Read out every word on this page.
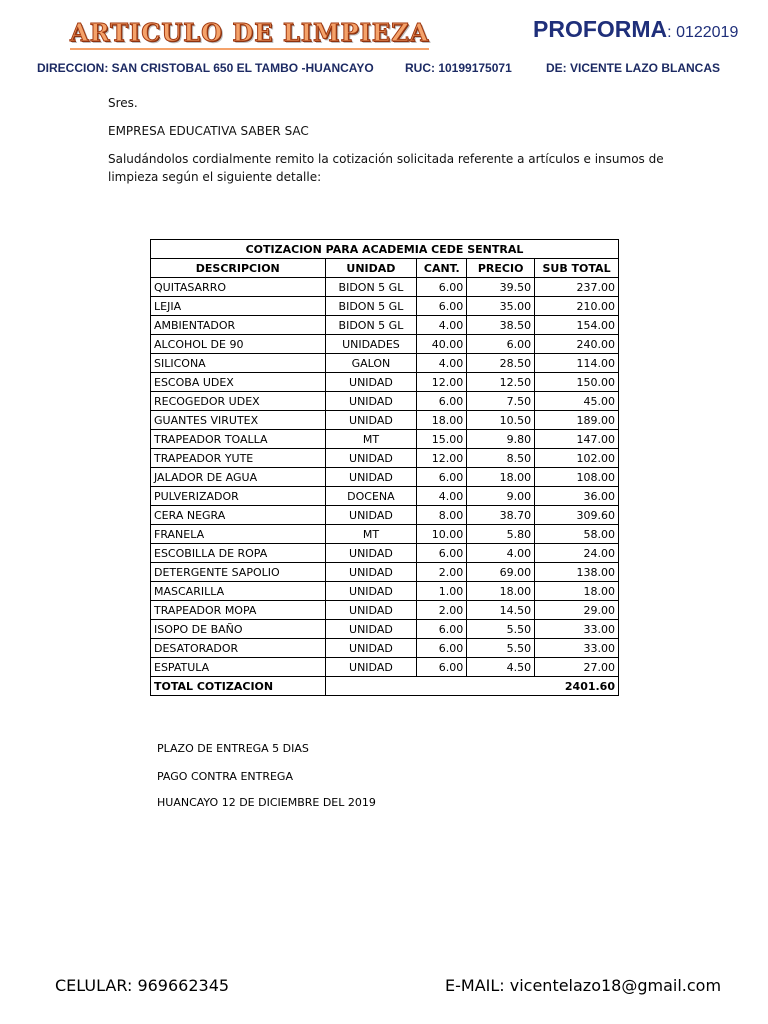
ARTICULO DE LIMPIEZA	PROFORMA: 0122019
DIRECCION: SAN CRISTOBAL 650 EL TAMBO -HUANCAYO	RUC: 10199175071	DE: VICENTE LAZO BLANCAS
Sres.
EMPRESA EDUCATIVA SABER SAC
Saludándolos cordialmente remito la cotización solicitada referente a artículos e insumos de limpieza según el siguiente detalle:
COTIZACION PARA ACADEMIA CEDE SENTRAL				
DESCRIPCION	UNIDAD	CANT.	PRECIO	SUB TOTAL
QUITASARRO	BIDON 5 GL	6.00	39.50	237.00
LEJIA	BIDON 5 GL	6.00	35.00	210.00
AMBIENTADOR	BIDON 5 GL	4.00	38.50	154.00
ALCOHOL DE 90	UNIDADES	40.00	6.00	240.00
SILICONA	GALON	4.00	28.50	114.00
ESCOBA UDEX	UNIDAD	12.00	12.50	150.00
RECOGEDOR UDEX	UNIDAD	6.00	7.50	45.00
GUANTES VIRUTEX	UNIDAD	18.00	10.50	189.00
TRAPEADOR TOALLA	MT	15.00	9.80	147.00
TRAPEADOR YUTE	UNIDAD	12.00	8.50	102.00
JALADOR DE AGUA	UNIDAD	6.00	18.00	108.00
PULVERIZADOR	DOCENA	4.00	9.00	36.00
CERA NEGRA	UNIDAD	8.00	38.70	309.60
FRANELA	MT	10.00	5.80	58.00
ESCOBILLA DE ROPA	UNIDAD	6.00	4.00	24.00
DETERGENTE SAPOLIO	UNIDAD	2.00	69.00	138.00
MASCARILLA	UNIDAD	1.00	18.00	18.00
TRAPEADOR MOPA	UNIDAD	2.00	14.50	29.00
ISOPO DE BAÑO	UNIDAD	6.00	5.50	33.00
DESATORADOR	UNIDAD	6.00	5.50	33.00
ESPATULA	UNIDAD	6.00	4.50	27.00
TOTAL COTIZACION	2401.60			
PLAZO DE ENTREGA 5 DIAS
PAGO CONTRA ENTREGA
HUANCAYO 12 DE DICIEMBRE DEL 2019
CELULAR: 969662345	E-MAIL: vicentelazo18@gmail.com
